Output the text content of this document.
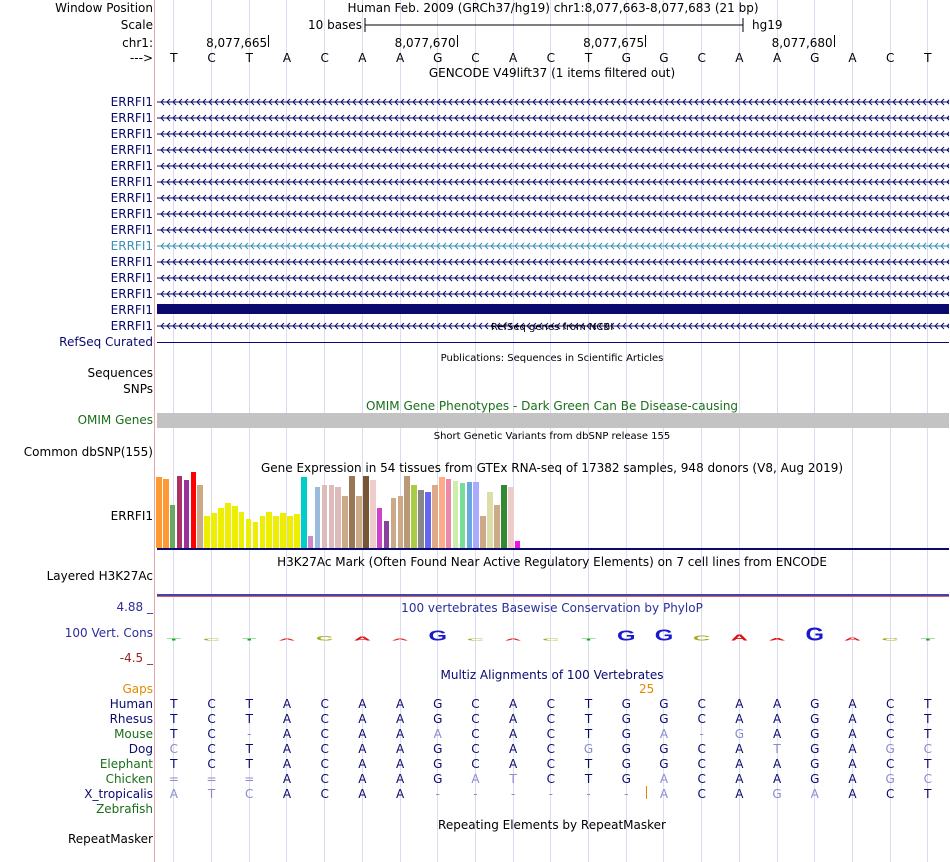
Window Position	Human Feb. 2009 (GRCh37/hg19) chr1:8,077,663-8,077,683 (21 bp)
Scale	10 bases	hg19
chr1:	8,077,665	8,077,670	8,077,675	8,077,680
--->	T	C	T	A	C	A	A	G	C	A	C	T	G	G	C	A	A	G	A	C	T
GENCODE V49lift37 (1 items filtered out)
ERRFI1
ERRFI1
ERRFI1
ERRFI1
ERRFI1
ERRFI1
ERRFI1
ERRFI1
ERRFI1
ERRFI1
ERRFI1
ERRFI1
ERRFI1
ERRFI1
ERRFI1	RefSeq genes from NCBI
RefSeq Curated
Publications: Sequences in Scientific Articles
Sequences
SNPs
OMIM Gene Phenotypes - Dark Green Can Be Disease-causing
OMIM Genes
Short Genetic Variants from dbSNP release 155
Common dbSNP(155)
Gene Expression in 54 tissues from GTEx RNA-seq of 17382 samples, 948 donors (V8, Aug 2019)
ERRFI1
H3K27Ac Mark (Often Found Near Active Regulatory Elements) on 7 cell lines from ENCODE
Layered H3K27Ac
100 vertebrates Basewise Conservation by PhyloP
4.88 _
100 Vert. Cons
-4.5 _
T C T A C A A G C A C T G G C A A G A C T
Multiz Alignments of 100 Vertebrates
Gaps	25
Human	T	C	T	A	C	A	A	G	C	A	C	T	G	G	C	A	A	G	A	C	T
Rhesus	T	C	T	A	C	A	A	G	C	A	C	T	G	G	C	A	A	G	A	C	T
Mouse	T	C	-	A	C	A	A	A	C	A	C	T	G	A	-	G	A	G	A	C	T
Dog	C	C	T	A	C	A	A	G	C	A	C	G	G	G	C	A	T	G	A	G	C
Elephant	T	C	T	A	C	A	A	G	C	A	C	T	G	G	C	A	A	G	A	C	T
Chicken	=	=	=	A	C	A	A	G	A	T	C	T	G	A	C	A	A	G	A	G	C
X_tropicalis	A	T	C	A	C	A	A	-	-	-	-	-	-	A	C	A	G	A	A	C	T
Zebrafish
Repeating Elements by RepeatMasker
RepeatMasker
